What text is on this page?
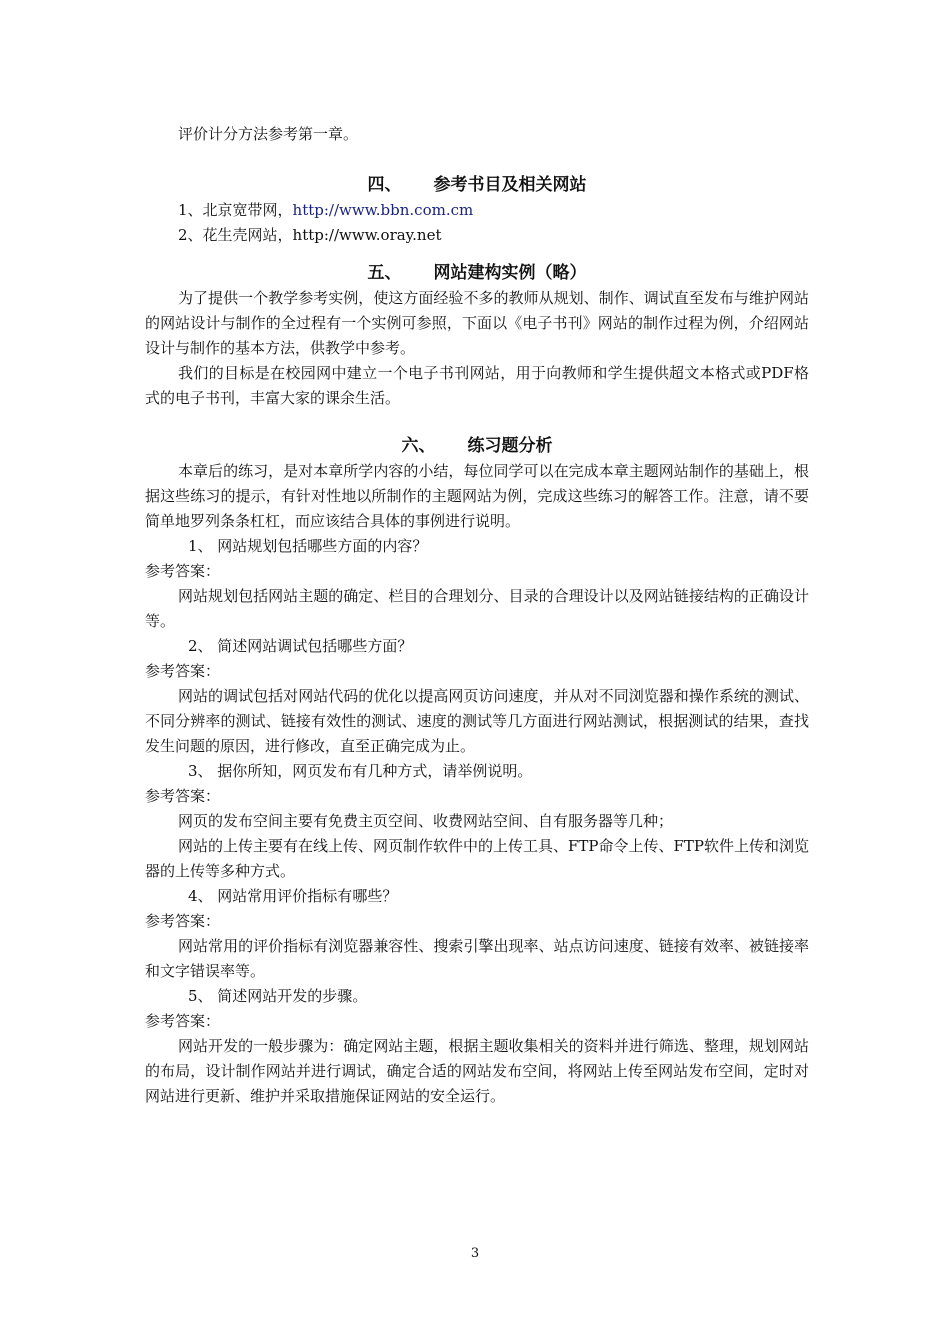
评价计分方法参考第一章。

四、 参考书目及相关网站

1、北京宽带网，http://www.bbn.com.cm

2、花生壳网站，http://www.oray.net

五、 网站建构实例（略）

为了提供一个教学参考实例，使这方面经验不多的教师从规划、制作、调试直至发布与维护网站的网站设计与制作的全过程有一个实例可参照，下面以《电子书刊》网站的制作过程为例，介绍网站设计与制作的基本方法，供教学中参考。

我们的目标是在校园网中建立一个电子书刊网站，用于向教师和学生提供超文本格式或PDF格式的电子书刊，丰富大家的课余生活。

六、 练习题分析

本章后的练习，是对本章所学内容的小结，每位同学可以在完成本章主题网站制作的基础上，根据这些练习的提示，有针对性地以所制作的主题网站为例，完成这些练习的解答工作。注意，请不要简单地罗列条条杠杠，而应该结合具体的事例进行说明。

1、 网站规划包括哪些方面的内容？

参考答案：

网站规划包括网站主题的确定、栏目的合理划分、目录的合理设计以及网站链接结构的正确设计等。

2、 简述网站调试包括哪些方面？

参考答案：

网站的调试包括对网站代码的优化以提高网页访问速度，并从对不同浏览器和操作系统的测试、不同分辨率的测试、链接有效性的测试、速度的测试等几方面进行网站测试，根据测试的结果，查找发生问题的原因，进行修改，直至正确完成为止。

3、 据你所知，网页发布有几种方式，请举例说明。

参考答案：

网页的发布空间主要有免费主页空间、收费网站空间、自有服务器等几种；

网站的上传主要有在线上传、网页制作软件中的上传工具、FTP命令上传、FTP软件上传和浏览器的上传等多种方式。

4、 网站常用评价指标有哪些？

参考答案：

网站常用的评价指标有浏览器兼容性、搜索引擎出现率、站点访问速度、链接有效率、被链接率和文字错误率等。

5、 简述网站开发的步骤。

参考答案：

网站开发的一般步骤为：确定网站主题，根据主题收集相关的资料并进行筛选、整理，规划网站的布局，设计制作网站并进行调试，确定合适的网站发布空间，将网站上传至网站发布空间，定时对网站进行更新、维护并采取措施保证网站的安全运行。

3
